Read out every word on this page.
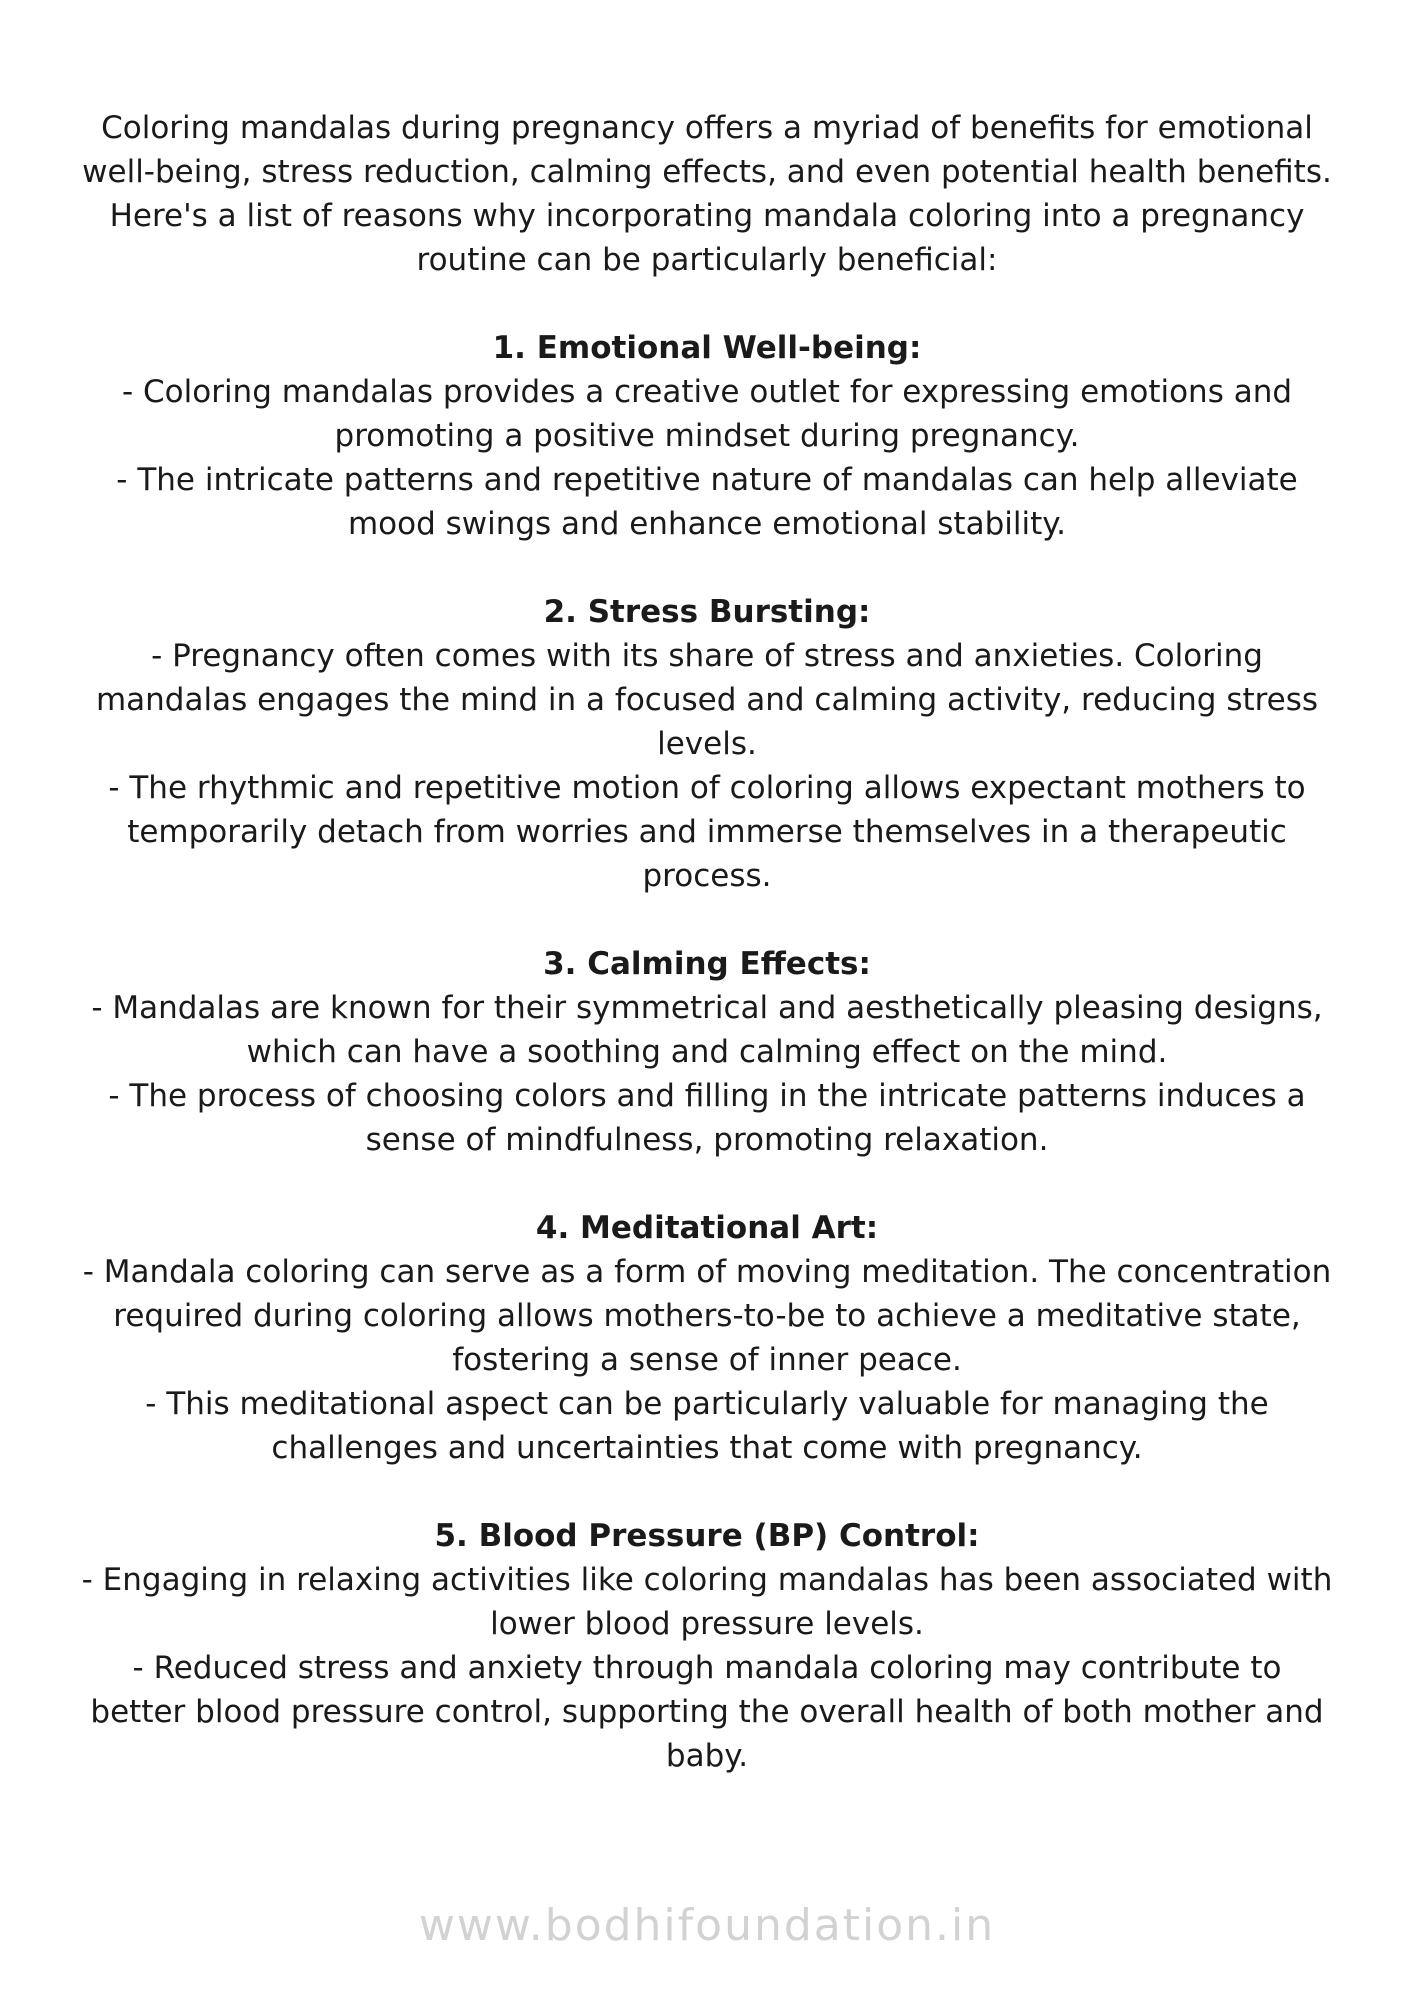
Coloring mandalas during pregnancy offers a myriad of benefits for emotional
well-being, stress reduction, calming effects, and even potential health benefits.
Here's a list of reasons why incorporating mandala coloring into a pregnancy
routine can be particularly beneficial:

1. Emotional Well-being:

- Coloring mandalas provides a creative outlet for expressing emotions and
promoting a positive mindset during pregnancy.

- The intricate patterns and repetitive nature of mandalas can help alleviate
mood swings and enhance emotional stability.

2. Stress Bursting:

- Pregnancy often comes with its share of stress and anxieties. Coloring
mandalas engages the mind in a focused and calming activity, reducing stress
levels.

- The rhythmic and repetitive motion of coloring allows expectant mothers to
temporarily detach from worries and immerse themselves in a therapeutic
process.

3. Calming Effects:

- Mandalas are known for their symmetrical and aesthetically pleasing designs,
which can have a soothing and calming effect on the mind.

- The process of choosing colors and filling in the intricate patterns induces a
sense of mindfulness, promoting relaxation.

4. Meditational Art:

- Mandala coloring can serve as a form of moving meditation. The concentration
required during coloring allows mothers-to-be to achieve a meditative state,
fostering a sense of inner peace.

- This meditational aspect can be particularly valuable for managing the
challenges and uncertainties that come with pregnancy.

5. Blood Pressure (BP) Control:

- Engaging in relaxing activities like coloring mandalas has been associated with
lower blood pressure levels.

- Reduced stress and anxiety through mandala coloring may contribute to
better blood pressure control, supporting the overall health of both mother and
baby.

www.bodhifoundation.in
